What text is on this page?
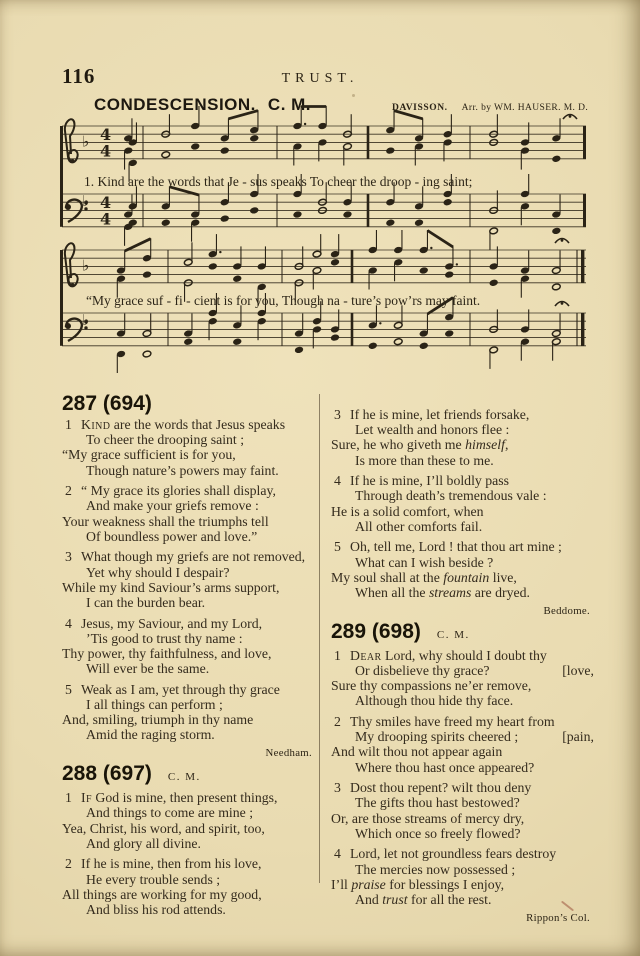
116	TRUST.
CONDESCENSION. C. M.	DAVISSON. Arr. by WM. HAUSER. M. D.
♭ 4
4
♭ 4
4
♭
♭
1. Kind are the words that Je - sus speaks To cheer the droop - ing saint;
“My grace suf - fi - cient is for you, Though na - ture’s pow’rs may faint.
287 (694)
1 Kind are the words that Jesus speaks
To cheer the drooping saint ;
“My grace sufficient is for you,
Though nature’s powers may faint.
2 “ My grace its glories shall display,
And make your griefs remove :
Your weakness shall the triumphs tell
Of boundless power and love.”
3 What though my griefs are not removed,
Yet why should I despair?
While my kind Saviour’s arms support,
I can the burden bear.
4 Jesus, my Saviour, and my Lord,
’Tis good to trust thy name :
Thy power, thy faithfulness, and love,
Will ever be the same.
5 Weak as I am, yet through thy grace
I all things can perform ;
And, smiling, triumph in thy name
Amid the raging storm.
Needham.
288 (697) C. M.
1 If God is mine, then present things,
And things to come are mine ;
Yea, Christ, his word, and spirit, too,
And glory all divine.
2 If he is mine, then from his love,
He every trouble sends ;
All things are working for my good,
And bliss his rod attends.
3 If he is mine, let friends forsake,
Let wealth and honors flee :
Sure, he who giveth me himself,
Is more than these to me.
4 If he is mine, I’ll boldly pass
Through death’s tremendous vale :
He is a solid comfort, when
All other comforts fail.
5 Oh, tell me, Lord ! that thou art mine ;
What can I wish beside ?
My soul shall at the fountain live,
When all the streams are dryed.
Beddome.
289 (698) C. M.
1 Dear Lord, why should I doubt thy
[love,
Or disbelieve thy grace?
Sure thy compassions ne’er remove,
Although thou hide thy face.
2 Thy smiles have freed my heart from
[pain,
My drooping spirits cheered ;
And wilt thou not appear again
Where thou hast once appeared?
3 Dost thou repent? wilt thou deny
The gifts thou hast bestowed?
Or, are those streams of mercy dry,
Which once so freely flowed?
4 Lord, let not groundless fears destroy
The mercies now possessed ;
I’ll praise for blessings I enjoy,
And trust for all the rest.
Rippon’s Col.
